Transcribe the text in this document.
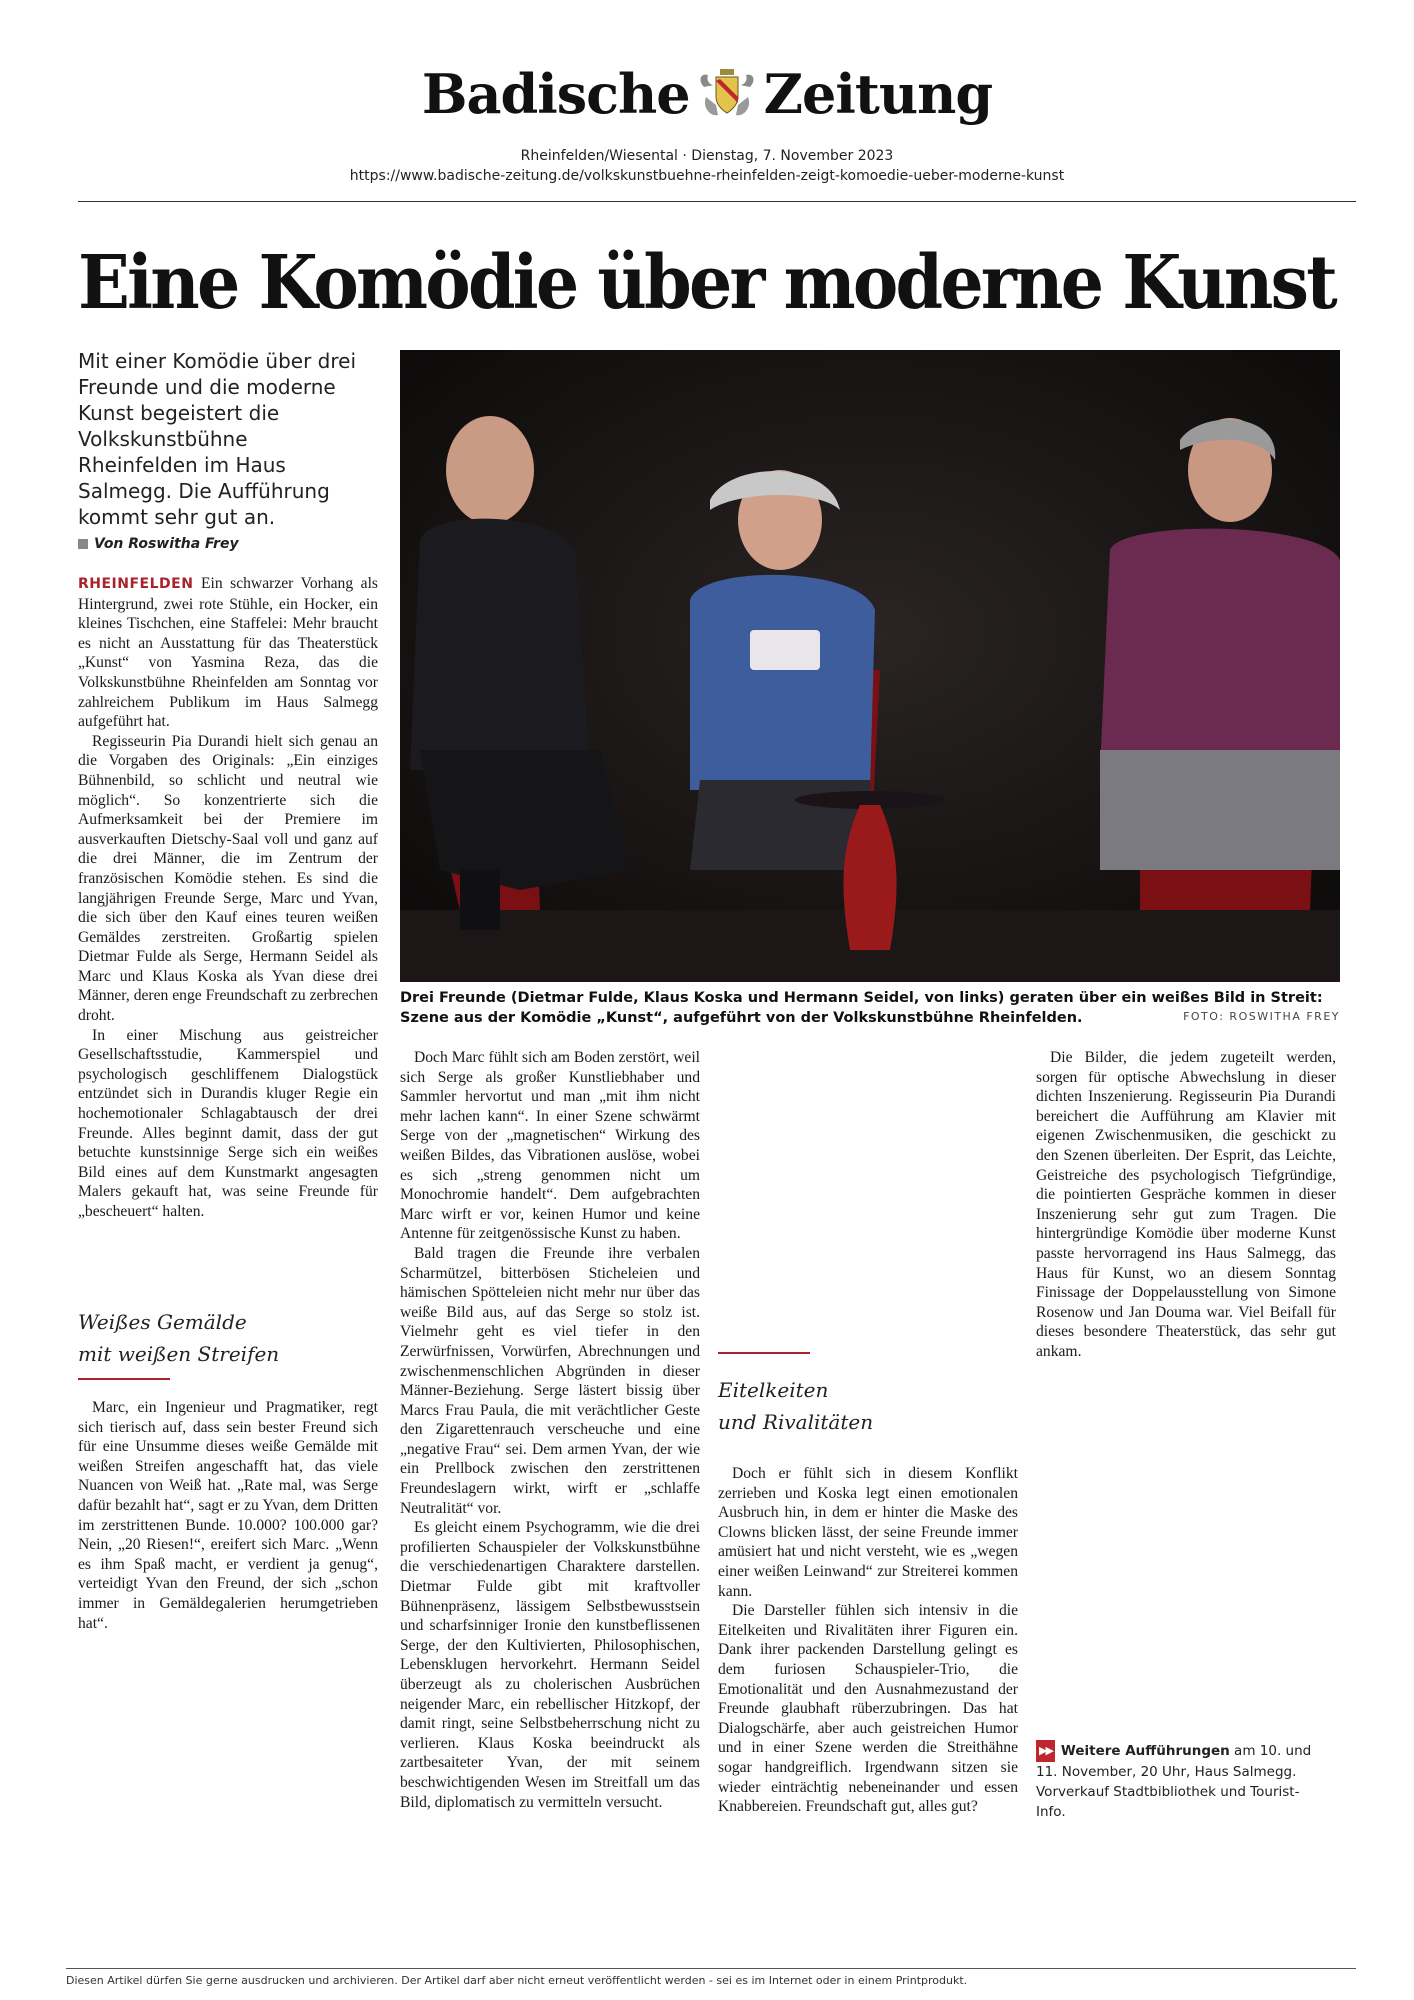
Badische Zeitung
Rheinfelden/Wiesental · Dienstag, 7. November 2023
https://www.badische-zeitung.de/volkskunstbuehne-rheinfelden-zeigt-komoedie-ueber-moderne-kunst
Eine Komödie über moderne Kunst
Mit einer Komödie über drei Freunde und die moderne Kunst begeistert die Volkskunstbühne Rheinfelden im Haus Salmegg. Die Aufführung kommt sehr gut an.
Von Roswitha Frey
Drei Freunde (Dietmar Fulde, Klaus Koska und Hermann Seidel, von links) geraten über ein weißes Bild in Streit: Szene aus der Komödie „Kunst“, aufgeführt von der Volkskunstbühne Rheinfelden.	FOTO: ROSWITHA FREY

RHEINFELDEN Ein schwarzer Vorhang als Hintergrund, zwei rote Stühle, ein Hocker, ein kleines Tischchen, eine Staffelei: Mehr braucht es nicht an Ausstattung für das Theaterstück „Kunst“ von Yasmina Reza, das die Volkskunstbühne Rheinfelden am Sonntag vor zahlreichem Publikum im Haus Salmegg aufgeführt hat.

Regisseurin Pia Durandi hielt sich genau an die Vorgaben des Originals: „Ein einziges Bühnenbild, so schlicht und neutral wie möglich“. So konzentrierte sich die Aufmerksamkeit bei der Premiere im ausverkauften Dietschy-Saal voll und ganz auf die drei Männer, die im Zentrum der französischen Komödie stehen. Es sind die langjährigen Freunde Serge, Marc und Yvan, die sich über den Kauf eines teuren weißen Gemäldes zerstreiten. Großartig spielen Dietmar Fulde als Serge, Hermann Seidel als Marc und Klaus Koska als Yvan diese drei Männer, deren enge Freundschaft zu zerbrechen droht.

In einer Mischung aus geistreicher Gesellschaftsstudie, Kammerspiel und psychologisch geschliffenem Dialogstück entzündet sich in Durandis kluger Regie ein hochemotionaler Schlagabtausch der drei Freunde. Alles beginnt damit, dass der gut betuchte kunstsinnige Serge sich ein weißes Bild eines auf dem Kunstmarkt angesagten Malers gekauft hat, was seine Freunde für „bescheuert“ halten.

Weißes Gemälde
mit weißen Streifen

Marc, ein Ingenieur und Pragmatiker, regt sich tierisch auf, dass sein bester Freund sich für eine Unsumme dieses weiße Gemälde mit weißen Streifen angeschafft hat, das viele Nuancen von Weiß hat. „Rate mal, was Serge dafür bezahlt hat“, sagt er zu Yvan, dem Dritten im zerstrittenen Bunde. 10.000? 100.000 gar? Nein, „20 Riesen!“, ereifert sich Marc. „Wenn es ihm Spaß macht, er verdient ja genug“, verteidigt Yvan den Freund, der sich „schon immer in Gemäldegalerien herumgetrieben hat“.

Doch Marc fühlt sich am Boden zerstört, weil sich Serge als großer Kunstliebhaber und Sammler hervortut und man „mit ihm nicht mehr lachen kann“. In einer Szene schwärmt Serge von der „magnetischen“ Wirkung des weißen Bildes, das Vibrationen auslöse, wobei es sich „streng genommen nicht um Monochromie handelt“. Dem aufgebrachten Marc wirft er vor, keinen Humor und keine Antenne für zeitgenössische Kunst zu haben.

Bald tragen die Freunde ihre verbalen Scharmützel, bitterbösen Sticheleien und hämischen Spötteleien nicht mehr nur über das weiße Bild aus, auf das Serge so stolz ist. Vielmehr geht es viel tiefer in den Zerwürfnissen, Vorwürfen, Abrechnungen und zwischenmenschlichen Abgründen in dieser Männer-Beziehung. Serge lästert bissig über Marcs Frau Paula, die mit verächtlicher Geste den Zigarettenrauch verscheuche und eine „negative Frau“ sei. Dem armen Yvan, der wie ein Prellbock zwischen den zerstrittenen Freundeslagern wirkt, wirft er „schlaffe Neutralität“ vor.

Es gleicht einem Psychogramm, wie die drei profilierten Schauspieler der Volkskunstbühne die verschiedenartigen Charaktere darstellen. Dietmar Fulde gibt mit kraftvoller Bühnenpräsenz, lässigem Selbstbewusstsein und scharfsinniger Ironie den kunstbeflissenen Serge, der den Kultivierten, Philosophischen, Lebensklugen hervorkehrt. Hermann Seidel überzeugt als zu cholerischen Ausbrüchen neigender Marc, ein rebellischer Hitzkopf, der damit ringt, seine Selbstbeherrschung nicht zu verlieren. Klaus Koska beeindruckt als zartbesaiteter Yvan, der mit seinem beschwichtigenden Wesen im Streitfall um das Bild, diplomatisch zu vermitteln versucht.

Eitelkeiten
und Rivalitäten

Doch er fühlt sich in diesem Konflikt zerrieben und Koska legt einen emotionalen Ausbruch hin, in dem er hinter die Maske des Clowns blicken lässt, der seine Freunde immer amüsiert hat und nicht versteht, wie es „wegen einer weißen Leinwand“ zur Streiterei kommen kann.

Die Darsteller fühlen sich intensiv in die Eitelkeiten und Rivalitäten ihrer Figuren ein. Dank ihrer packenden Darstellung gelingt es dem furiosen Schauspieler-Trio, die Emotionalität und den Ausnahmezustand der Freunde glaubhaft rüberzubringen. Das hat Dialogschärfe, aber auch geistreichen Humor und in einer Szene werden die Streithähne sogar handgreiflich. Irgendwann sitzen sie wieder einträchtig nebeneinander und essen Knabbereien. Freundschaft gut, alles gut?

Die Bilder, die jedem zugeteilt werden, sorgen für optische Abwechslung in dieser dichten Inszenierung. Regisseurin Pia Durandi bereichert die Aufführung am Klavier mit eigenen Zwischenmusiken, die geschickt zu den Szenen überleiten. Der Esprit, das Leichte, Geistreiche des psychologisch Tiefgründige, die pointierten Gespräche kommen in dieser Inszenierung sehr gut zum Tragen. Die hintergründige Komödie über moderne Kunst passte hervorragend ins Haus Salmegg, das Haus für Kunst, wo an diesem Sonntag Finissage der Doppelausstellung von Simone Rosenow und Jan Douma war. Viel Beifall für dieses besondere Theaterstück, das sehr gut ankam.

▶▶ Weitere Aufführungen am 10. und 11. November, 20 Uhr, Haus Salmegg. Vorverkauf Stadtbibliothek und Tourist-Info.
Diesen Artikel dürfen Sie gerne ausdrucken und archivieren. Der Artikel darf aber nicht erneut veröffentlicht werden - sei es im Internet oder in einem Printprodukt.
